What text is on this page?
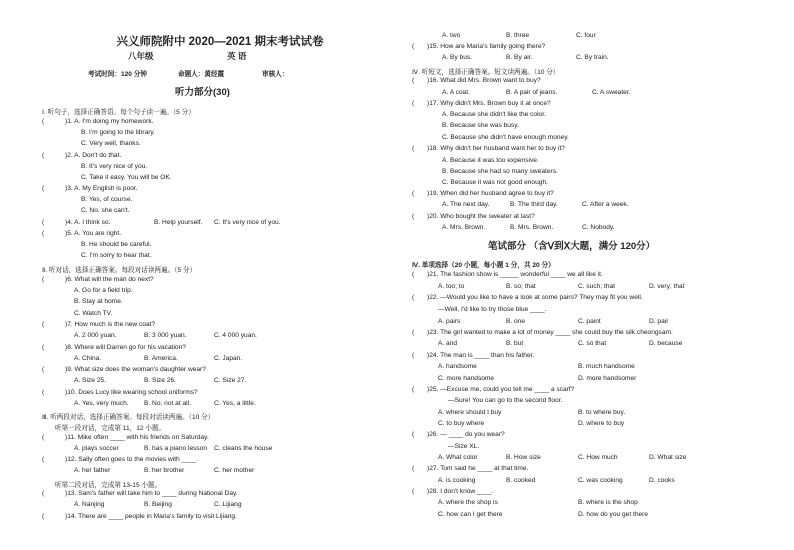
兴义师院附中 2020—2021 期末考试试卷
八年级	英 语
考试时间：120 分钟	命题人：黄经霞	审核人：
听力部分(30)
Ⅰ. 听句子，选择正确答语。每个句子读一遍。（5 分）
(	)1. A. I'm doing my homework.
B. I'm going to the library.
C. Very well, thanks.
(	)2. A. Don't do that.
B. It's very nice of you.
C. Take it easy. You will be OK.
(	)3. A. My English is poor.
B. Yes, of course.
C. No, she can't.
(	)4. A. I think so.	B. Help yourself. C. It's very nice of you.
(	)5. A. You are right.
B. He should be careful.
C. I'm sorry to hear that.
Ⅱ. 听对话，选择正确答案。每段对话读两遍。（5 分）
(	)6. What will the man do next?
A. Go for a field trip.
B. Stay at home.
C. Watch TV.
(	)7. How much is the new coat?
A. 2 000 yuan.	B. 3 000 yuan.	C. 4 000 yuan.
(	)8. Where will Darren go for his vacation?
A. China.	B. America.	C. Japan.
(	)9. What size does the woman's daughter wear?
A. Size 25.	B. Size 26.	C. Size 27.
(	)10. Does Lucy like wearing school uniforms?
A. Yes, very much. B. No, not at all.	C. Yes, a little.
Ⅲ. 听两段对话，选择正确答案。每段对话读两遍。（10 分）
听第一段对话，完成第 11，12 小题。
(	)11. Mike often ____ with his friends on Saturday.
A. plays soccer	B. has a piano lesson C. cleans the house
(	)12. Sally often goes to the movies with ____.
A. her father	B. her brother	C. her mother
听第二段对话，完成第 13-15 小题。
(	)13. Sam's father will take him to ____ during National Day.
A. Nanjing	B. Beijing	C. Lijiang
(	)14. There are ____ people in Maria's family to visit Lijiang.
A. two	B. three	C. four
( )15. How are Maria's family going there?
A. By bus.	B. By air.	C. By train.
Ⅳ. 听短文，选择正确答案。短文读两遍。（10 分）
( )16. What did Mrs. Brown want to buy?
A. A coat.	B. A pair of jeans.	C. A sweater.
( )17. Why didn't Mrs. Brown buy it at once?
A. Because she didn't like the color.
B. Because she was busy.
C. Because she didn't have enough money.
( )18. Why didn't her husband want her to buy it?
A. Because it was too expensive.
B. Because she had so many sweaters.
C. Because it was not good enough.
( )19. When did her husband agree to buy it?
A. The next day.	B. The third day.	C. After a week.
( )20. Who bought the sweater at last?
A. Mrs. Brown.	B. Mrs. Brown.	C. Nobody.
笔试部分 （含Ⅴ到Ⅹ大题，满分 120分）
Ⅳ. 单项选择（20 小题，每小题 1 分，共 20 分）
( )21. The fashion show is _____ wonderful ____ we all like it.
A. too; to	B. so; that	C. such; that	D. very; that
( )22. —Would you like to have a look at some pairs? They may fit you well.
—Well, I'd like to try those blue ____.
A. pairs	B. one	C. paint	D. pair
( )23. The girl wanted to make a lot of money ____ she could buy the silk cheongsam.
A. and	B. but	C. so that	D. because
( )24. The man is ____ than his father.
A. handsome	B. much handsome
C. more handsome	D. more handsomer
( )25. —Excuse me, could you tell me ____ a scarf?
—Sure! You can go to the second floor.
A. where should I buy	B. to where buy.
C. to buy where	D. where to buy
( )26. — ____ do you wear?
—Size XL.
A. What color	B. How size	C. How much	D. What size
( )27. Tom said he ____ at that time.
A. is cooking	B. cooked	C. was cooking	D. cooks
( )28. I don't know ____.
A. where the shop is	B. where is the shop
C. how can I get there	D. how do you get there
